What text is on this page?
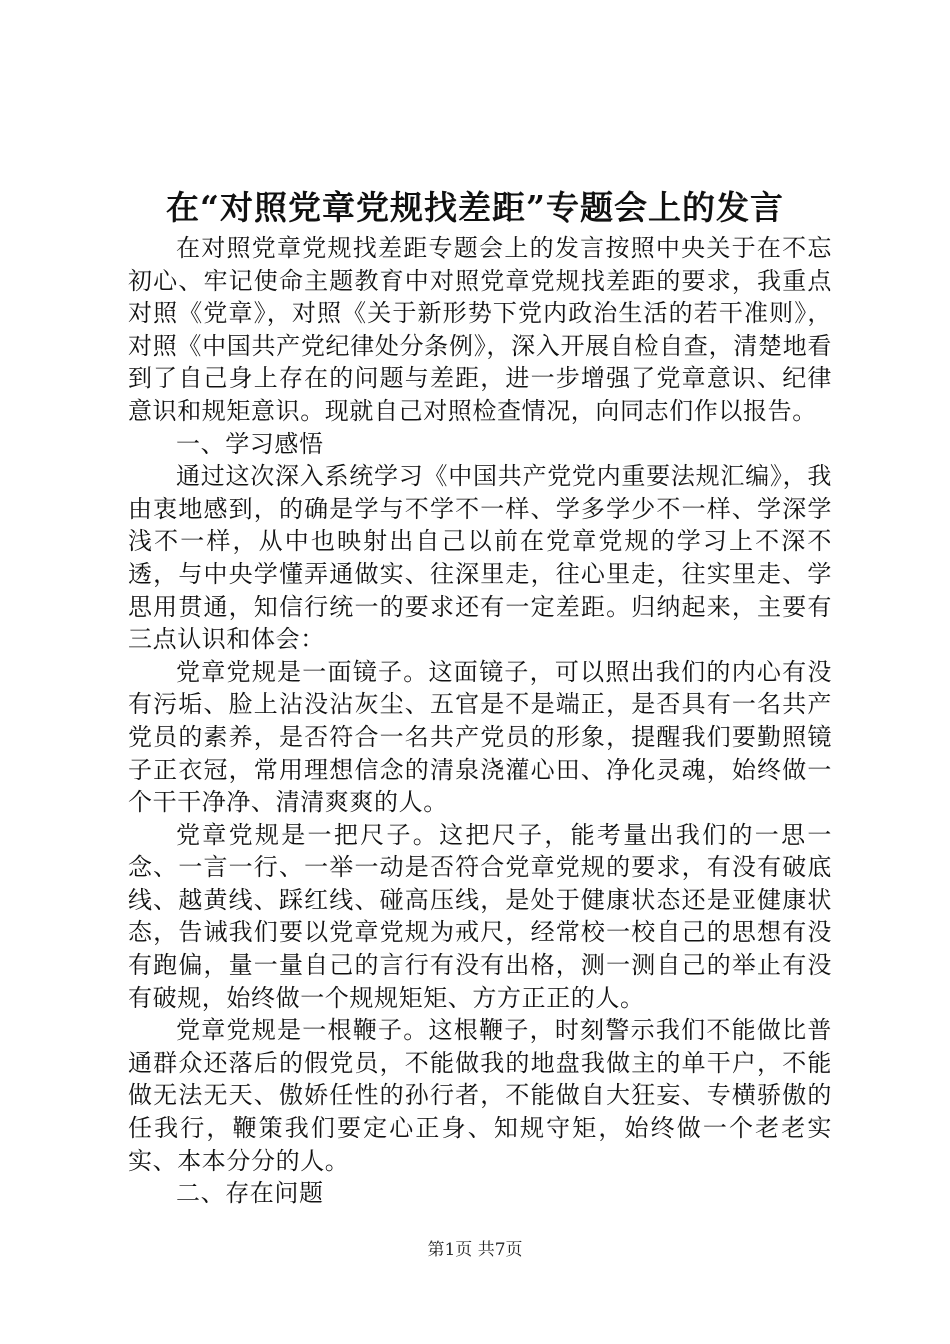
在“对照党章党规找差距”专题会上的发言

在对照党章党规找差距专题会上的发言按照中央关于在不忘初心、牢记使命主题教育中对照党章党规找差距的要求，我重点对照《党章》，对照《关于新形势下党内政治生活的若干准则》，对照《中国共产党纪律处分条例》，深入开展自检自查，清楚地看到了自己身上存在的问题与差距，进一步增强了党章意识、纪律意识和规矩意识。现就自己对照检查情况，向同志们作以报告。

一、学习感悟

通过这次深入系统学习《中国共产党党内重要法规汇编》，我由衷地感到，的确是学与不学不一样、学多学少不一样、学深学浅不一样，从中也映射出自己以前在党章党规的学习上不深不透，与中央学懂弄通做实、往深里走，往心里走，往实里走、学思用贯通，知信行统一的要求还有一定差距。归纳起来，主要有三点认识和体会：

党章党规是一面镜子。这面镜子，可以照出我们的内心有没有污垢、脸上沾没沾灰尘、五官是不是端正，是否具有一名共产党员的素养，是否符合一名共产党员的形象，提醒我们要勤照镜子正衣冠，常用理想信念的清泉浇灌心田、净化灵魂，始终做一个干干净净、清清爽爽的人。

党章党规是一把尺子。这把尺子，能考量出我们的一思一念、一言一行、一举一动是否符合党章党规的要求，有没有破底线、越黄线、踩红线、碰高压线，是处于健康状态还是亚健康状态，告诫我们要以党章党规为戒尺，经常校一校自己的思想有没有跑偏，量一量自己的言行有没有出格，测一测自己的举止有没有破规，始终做一个规规矩矩、方方正正的人。

党章党规是一根鞭子。这根鞭子，时刻警示我们不能做比普通群众还落后的假党员，不能做我的地盘我做主的单干户，不能做无法无天、傲娇任性的孙行者，不能做自大狂妄、专横骄傲的任我行，鞭策我们要定心正身、知规守矩，始终做一个老老实实、本本分分的人。

二、存在问题

第1页 共7页
